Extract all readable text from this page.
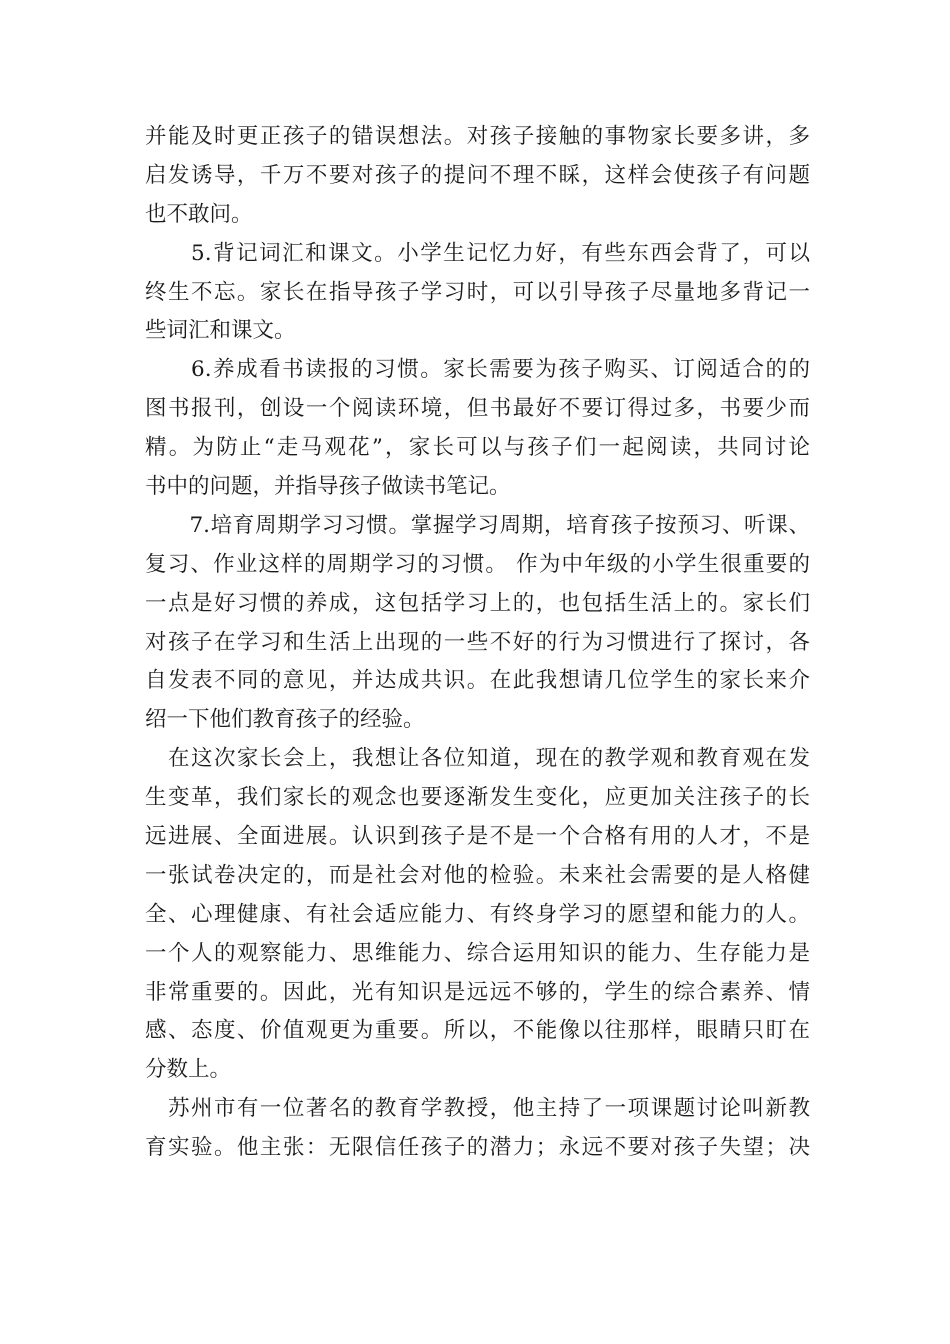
并能及时更正孩子的错误想法。对孩子接触的事物家长要多讲，多
启发诱导，千万不要对孩子的提问不理不睬，这样会使孩子有问题
也不敢问。
　　5.背记词汇和课文。小学生记忆力好，有些东西会背了，可以
终生不忘。家长在指导孩子学习时，可以引导孩子尽量地多背记一
些词汇和课文。
　　6.养成看书读报的习惯。家长需要为孩子购买、订阅适合的的
图书报刊，创设一个阅读环境，但书最好不要订得过多，书要少而
精。为防止“走马观花”，家长可以与孩子们一起阅读，共同讨论
书中的问题，并指导孩子做读书笔记。
　　7.培育周期学习习惯。掌握学习周期，培育孩子按预习、听课、
复习、作业这样的周期学习的习惯。 作为中年级的小学生很重要的
一点是好习惯的养成，这包括学习上的，也包括生活上的。家长们
对孩子在学习和生活上出现的一些不好的行为习惯进行了探讨，各
自发表不同的意见，并达成共识。在此我想请几位学生的家长来介
绍一下他们教育孩子的经验。
　在这次家长会上，我想让各位知道，现在的教学观和教育观在发
生变革，我们家长的观念也要逐渐发生变化，应更加关注孩子的长
远进展、全面进展。认识到孩子是不是一个合格有用的人才，不是
一张试卷决定的，而是社会对他的检验。未来社会需要的是人格健
全、心理健康、有社会适应能力、有终身学习的愿望和能力的人。
一个人的观察能力、思维能力、综合运用知识的能力、生存能力是
非常重要的。因此，光有知识是远远不够的，学生的综合素养、情
感、态度、价值观更为重要。所以，不能像以往那样，眼睛只盯在
分数上。
　苏州市有一位著名的教育学教授，他主持了一项课题讨论叫新教
育实验。他主张：无限信任孩子的潜力；永远不要对孩子失望；决
